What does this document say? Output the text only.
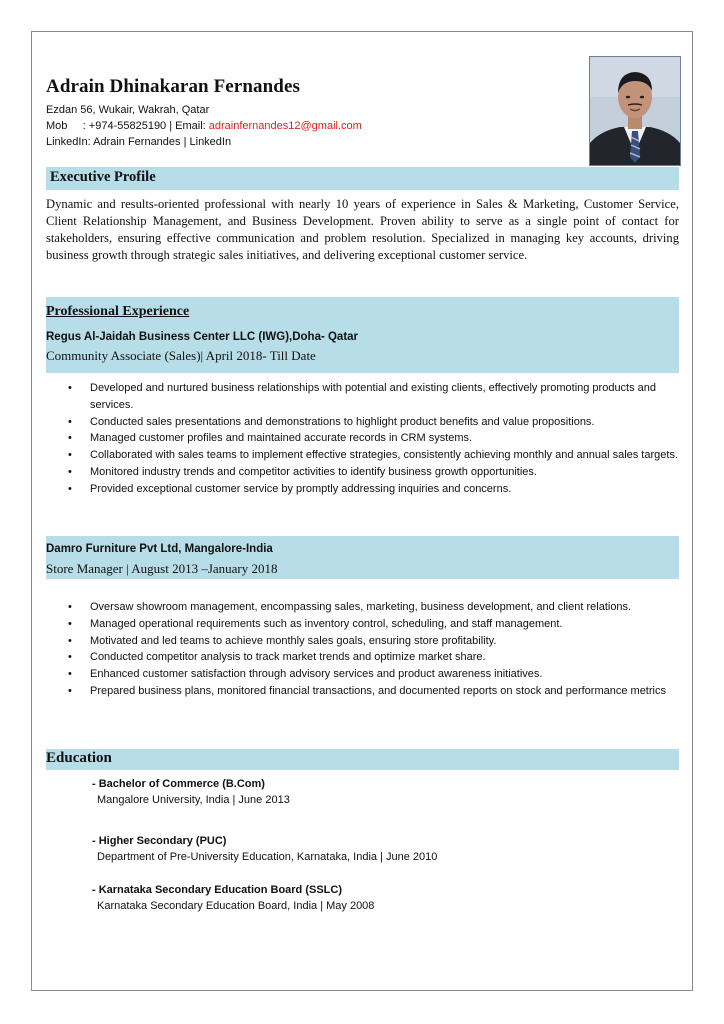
Adrain Dhinakaran Fernandes
Ezdan 56, Wukair, Wakrah, Qatar
Mob     : +974-55825190 | Email: adrainfernandes12@gmail.com
LinkedIn: Adrain Fernandes | LinkedIn
Executive Profile
Dynamic and results-oriented professional with nearly 10 years of experience in Sales & Marketing, Customer Service, Client Relationship Management, and Business Development. Proven ability to serve as a single point of contact for stakeholders, ensuring effective communication and problem resolution. Specialized in managing key accounts, driving business growth through strategic sales initiatives, and delivering exceptional customer service.
Professional Experience
Regus Al-Jaidah Business Center LLC (IWG),Doha- Qatar
Community Associate (Sales)| April 2018- Till Date
• Developed and nurtured business relationships with potential and existing clients, effectively promoting products and services.
• Conducted sales presentations and demonstrations to highlight product benefits and value propositions.
• Managed customer profiles and maintained accurate records in CRM systems.
• Collaborated with sales teams to implement effective strategies, consistently achieving monthly and annual sales targets.
• Monitored industry trends and competitor activities to identify business growth opportunities.
• Provided exceptional customer service by promptly addressing inquiries and concerns.
Damro Furniture Pvt Ltd, Mangalore-India
Store Manager | August 2013 –January 2018
• Oversaw showroom management, encompassing sales, marketing, business development, and client relations.
• Managed operational requirements such as inventory control, scheduling, and staff management.
• Motivated and led teams to achieve monthly sales goals, ensuring store profitability.
• Conducted competitor analysis to track market trends and optimize market share.
• Enhanced customer satisfaction through advisory services and product awareness initiatives.
• Prepared business plans, monitored financial transactions, and documented reports on stock and performance metrics
Education
- Bachelor of Commerce (B.Com)
Mangalore University, India | June 2013
- Higher Secondary (PUC)
Department of Pre-University Education, Karnataka, India | June 2010
- Karnataka Secondary Education Board (SSLC)
Karnataka Secondary Education Board, India | May 2008
